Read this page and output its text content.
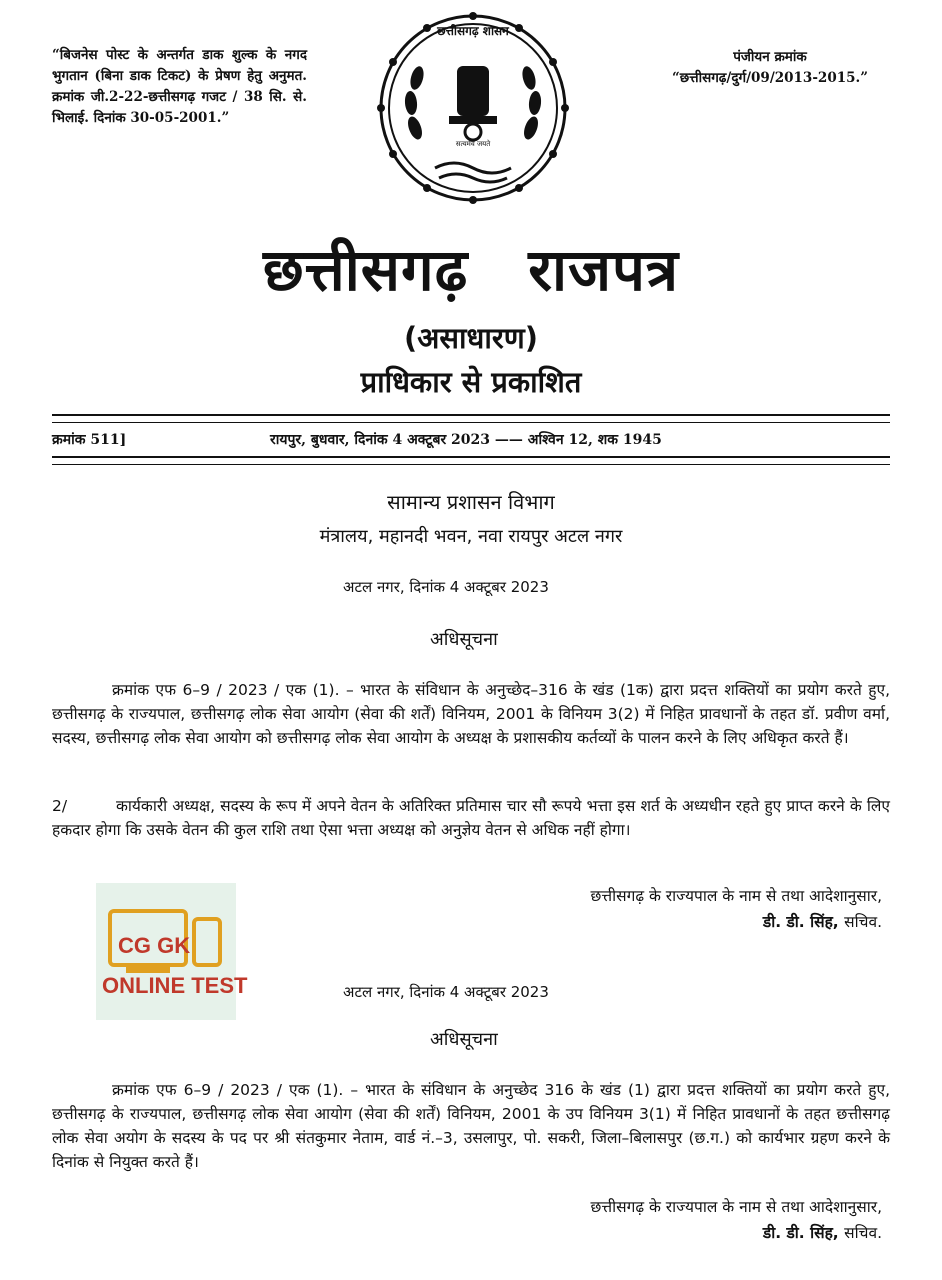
“बिजनेस पोस्ट के अन्तर्गत डाक शुल्क के नगद भुगतान (बिना डाक टिकट) के प्रेषण हेतु अनुमत. क्रमांक जी.2-22-छत्तीसगढ़ गजट / 38 सि. से. भिलाई. दिनांक 30-05-2001.”
पंजीयन क्रमांक
“छत्तीसगढ़/दुर्ग/09/2013-2015.”
छत्तीसगढ़ शासन
सत्यमेव जयते
छत्तीसगढ़ राजपत्र
(असाधारण)
प्राधिकार से प्रकाशित
क्रमांक 511]	रायपुर, बुधवार, दिनांक 4 अक्टूबर 2023 —— अश्विन 12, शक 1945
सामान्य प्रशासन विभाग
मंत्रालय, महानदी भवन, नवा रायपुर अटल नगर
अटल नगर, दिनांक 4 अक्टूबर 2023
अधिसूचना
क्रमांक एफ 6–9 / 2023 / एक (1). – भारत के संविधान के अनुच्छेद–316 के खंड (1क) द्वारा प्रदत्त शक्तियों का प्रयोग करते हुए, छत्तीसगढ़ के राज्यपाल, छत्तीसगढ़ लोक सेवा आयोग (सेवा की शर्तें) विनियम, 2001 के विनियम 3(2) में निहित प्रावधानों के तहत डॉ. प्रवीण वर्मा, सदस्य, छत्तीसगढ़ लोक सेवा आयोग को छत्तीसगढ़ लोक सेवा आयोग के अध्यक्ष के प्रशासकीय कर्तव्यों के पालन करने के लिए अधिकृत करते हैं।
2/	कार्यकारी अध्यक्ष, सदस्य के रूप में अपने वेतन के अतिरिक्त प्रतिमास चार सौ रूपये भत्ता इस शर्त के अध्यधीन रहते हुए प्राप्त करने के लिए हकदार होगा कि उसके वेतन की कुल राशि तथा ऐसा भत्ता अध्यक्ष को अनुज्ञेय वेतन से अधिक नहीं होगा।
छत्तीसगढ़ के राज्यपाल के नाम से तथा आदेशानुसार,
डी. डी. सिंह, सचिव.
CG GK
ONLINE TEST	अटल नगर, दिनांक 4 अक्टूबर 2023
अधिसूचना
क्रमांक एफ 6–9 / 2023 / एक (1). – भारत के संविधान के अनुच्छेद 316 के खंड (1) द्वारा प्रदत्त शक्तियों का प्रयोग करते हुए, छत्तीसगढ़ के राज्यपाल, छत्तीसगढ़ लोक सेवा आयोग (सेवा की शर्तें) विनियम, 2001 के उप विनियम 3(1) में निहित प्रावधानों के तहत छत्तीसगढ़ लोक सेवा अयोग के सदस्य के पद पर श्री संतकुमार नेताम, वार्ड नं.–3, उसलापुर, पो. सकरी, जिला–बिलासपुर (छ.ग.) को कार्यभार ग्रहण करने के दिनांक से नियुक्त करते हैं।
छत्तीसगढ़ के राज्यपाल के नाम से तथा आदेशानुसार,
डी. डी. सिंह, सचिव.
